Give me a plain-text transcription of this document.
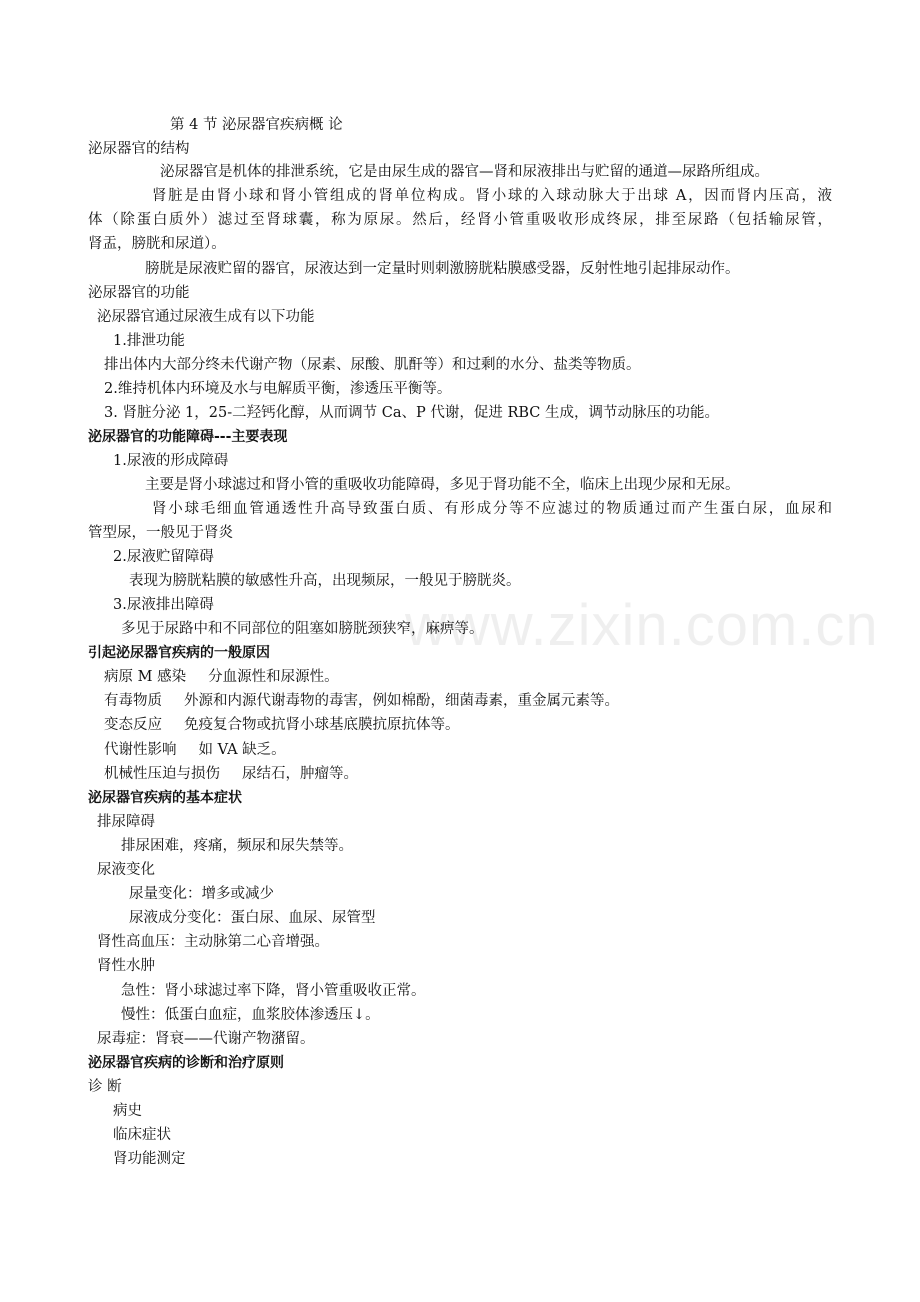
第 4 节 泌尿器官疾病概 论
泌尿器官的结构
泌尿器官是机体的排泄系统，它是由尿生成的器官—肾和尿液排出与贮留的通道—尿路所组成。
肾脏是由肾小球和肾小管组成的肾单位构成。肾小球的入球动脉大于出球 A，因而肾内压高，液
体（除蛋白质外）滤过至肾球囊，称为原尿。然后，经肾小管重吸收形成终尿，排至尿路（包括输尿管，
肾盂，膀胱和尿道）。
膀胱是尿液贮留的器官，尿液达到一定量时则刺激膀胱粘膜感受器，反射性地引起排尿动作。
泌尿器官的功能
泌尿器官通过尿液生成有以下功能
1.排泄功能
排出体内大部分终未代谢产物（尿素、尿酸、肌酐等）和过剩的水分、盐类等物质。
2.维持机体内环境及水与电解质平衡，渗透压平衡等。
3. 肾脏分泌 1，25-二羟钙化醇，从而调节 Ca、P 代谢，促进 RBC 生成，调节动脉压的功能。
泌尿器官的功能障碍---主要表现
1.尿液的形成障碍
主要是肾小球滤过和肾小管的重吸收功能障碍，多见于肾功能不全，临床上出现少尿和无尿。
肾小球毛细血管通透性升高导致蛋白质、有形成分等不应滤过的物质通过而产生蛋白尿，血尿和
管型尿，一般见于肾炎
2.尿液贮留障碍
表现为膀胱粘膜的敏感性升高，出现频尿，一般见于膀胱炎。
3.尿液排出障碍
多见于尿路中和不同部位的阻塞如膀胱颈狭窄，麻痹等。
引起泌尿器官疾病的一般原因
病原 M 感染 分血源性和尿源性。
有毒物质 外源和内源代谢毒物的毒害，例如棉酚，细菌毒素，重金属元素等。
变态反应 免疫复合物或抗肾小球基底膜抗原抗体等。
代谢性影响 如 VA 缺乏。
机械性压迫与损伤 尿结石，肿瘤等。
泌尿器官疾病的基本症状
排尿障碍
排尿困难，疼痛，频尿和尿失禁等。
尿液变化
尿量变化：增多或减少
尿液成分变化：蛋白尿、血尿、尿管型
肾性高血压：主动脉第二心音增强。
肾性水肿
急性：肾小球滤过率下降，肾小管重吸收正常。
慢性：低蛋白血症，血浆胶体渗透压↓。
尿毒症：肾衰——代谢产物潴留。
泌尿器官疾病的诊断和治疗原则
诊 断
病史
临床症状
肾功能测定
www.zixin.com.cn
